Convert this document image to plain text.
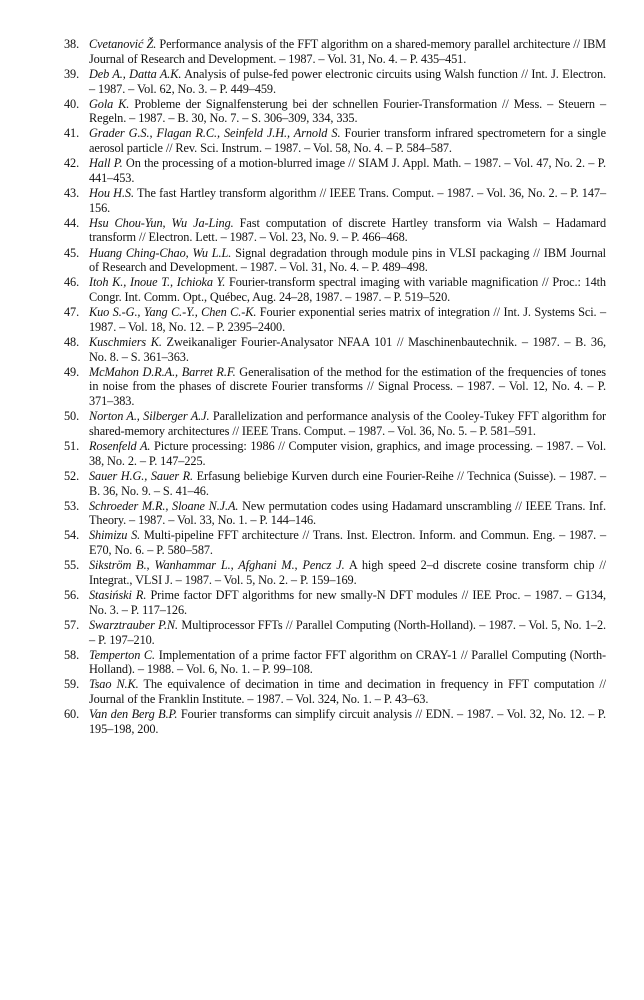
38. Cvetanović Ž. Performance analysis of the FFT algorithm on a shared-memory parallel architecture // IBM Journal of Research and Development. – 1987. – Vol. 31, No. 4. – P. 435–451.
39. Deb A., Datta A.K. Analysis of pulse-fed power electronic circuits using Walsh function // Int. J. Electron. – 1987. – Vol. 62, No. 3. – P. 449–459.
40. Gola K. Probleme der Signalfensterung bei der schnellen Fourier-Transformation // Mess. – Steuern – Regeln. – 1987. – B. 30, No. 7. – S. 306–309, 334, 335.
41. Grader G.S., Flagan R.C., Seinfeld J.H., Arnold S. Fourier transform infrared spectrometern for a single aerosol particle // Rev. Sci. Instrum. – 1987. – Vol. 58, No. 4. – P. 584–587.
42. Hall P. On the processing of a motion-blurred image // SIAM J. Appl. Math. – 1987. – Vol. 47, No. 2. – P. 441–453.
43. Hou H.S. The fast Hartley transform algorithm // IEEE Trans. Comput. – 1987. – Vol. 36, No. 2. – P. 147–156.
44. Hsu Chou-Yun, Wu Ja-Ling. Fast computation of discrete Hartley transform via Walsh – Hadamard transform // Electron. Lett. – 1987. – Vol. 23, No. 9. – P. 466–468.
45. Huang Ching-Chao, Wu L.L. Signal degradation through module pins in VLSI packaging // IBM Journal of Research and Development. – 1987. – Vol. 31, No. 4. – P. 489–498.
46. Itoh K., Inoue T., Ichioka Y. Fourier-transform spectral imaging with variable magnification // Proc.: 14th Congr. Int. Comm. Opt., Québec, Aug. 24–28, 1987. – 1987. – P. 519–520.
47. Kuo S.-G., Yang C.-Y., Chen C.-K. Fourier exponential series matrix of integration // Int. J. Systems Sci. – 1987. – Vol. 18, No. 12. – P. 2395–2400.
48. Kuschmiers K. Zweikanaliger Fourier-Analysator NFAA 101 // Maschinenbautechnik. – 1987. – B. 36, No. 8. – S. 361–363.
49. McMahon D.R.A., Barret R.F. Generalisation of the method for the estimation of the frequencies of tones in noise from the phases of discrete Fourier transforms // Signal Process. – 1987. – Vol. 12, No. 4. – P. 371–383.
50. Norton A., Silberger A.J. Parallelization and performance analysis of the Cooley-Tukey FFT algorithm for shared-memory architectures // IEEE Trans. Comput. – 1987. – Vol. 36, No. 5. – P. 581–591.
51. Rosenfeld A. Picture processing: 1986 // Computer vision, graphics, and image processing. – 1987. – Vol. 38, No. 2. – P. 147–225.
52. Sauer H.G., Sauer R. Erfasung beliebige Kurven durch eine Fourier-Reihe // Technica (Suisse). – 1987. – B. 36, No. 9. – S. 41–46.
53. Schroeder M.R., Sloane N.J.A. New permutation codes using Hadamard unscrambling // IEEE Trans. Inf. Theory. – 1987. – Vol. 33, No. 1. – P. 144–146.
54. Shimizu S. Multi-pipeline FFT architecture // Trans. Inst. Electron. Inform. and Commun. Eng. – 1987. – E70, No. 6. – P. 580–587.
55. Sikström B., Wanhammar L., Afghani M., Pencz J. A high speed 2–d discrete cosine transform chip // Integrat., VLSI J. – 1987. – Vol. 5, No. 2. – P. 159–169.
56. Stasiński R. Prime factor DFT algorithms for new smally-N DFT modules // IEE Proc. – 1987. – G134, No. 3. – P. 117–126.
57. Swarztrauber P.N. Multiprocessor FFTs // Parallel Computing (North-Holland). – 1987. – Vol. 5, No. 1–2. – P. 197–210.
58. Temperton C. Implementation of a prime factor FFT algorithm on CRAY-1 // Parallel Computing (North-Holland). – 1988. – Vol. 6, No. 1. – P. 99–108.
59. Tsao N.K. The equivalence of decimation in time and decimation in frequency in FFT computation // Journal of the Franklin Institute. – 1987. – Vol. 324, No. 1. – P. 43–63.
60. Van den Berg B.P. Fourier transforms can simplify circuit analysis // EDN. – 1987. – Vol. 32, No. 12. – P. 195–198, 200.
